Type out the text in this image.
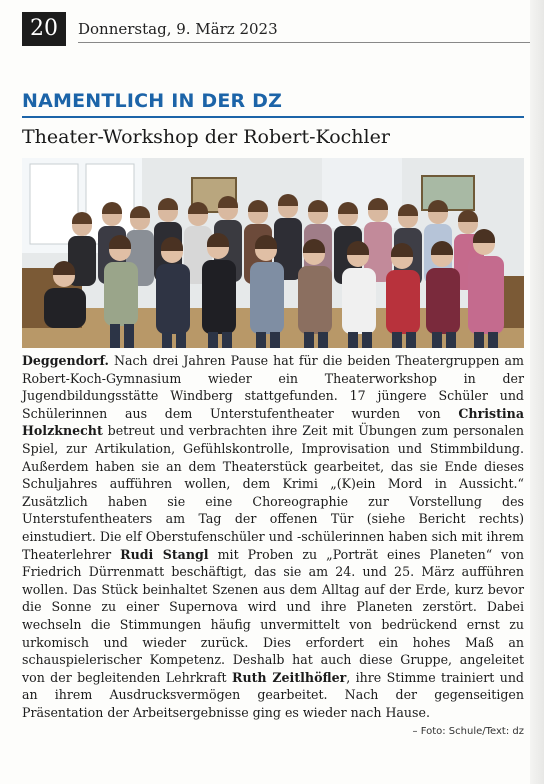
20	Donnerstag, 9. März 2023
NAMENTLICH IN DER DZ
Theater-Workshop der Robert-Kochler
Deggendorf. Nach drei Jahren Pause hat für die beiden Theatergruppen am Robert-Koch-Gymnasium wieder ein Theaterworkshop in der Jugendbildungsstätte Windberg stattgefunden. 17 jüngere Schüler und Schülerinnen aus dem Unterstufentheater wurden von Christina Holzknecht betreut und verbrachten ihre Zeit mit Übungen zum personalen Spiel, zur Artikulation, Gefühlskontrolle, Improvisation und Stimmbildung. Außerdem haben sie an dem Theaterstück gearbeitet, das sie Ende dieses Schuljahres aufführen wollen, dem Krimi „(K)ein Mord in Aussicht.“ Zusätzlich haben sie eine Choreographie zur Vorstellung des Unterstufentheaters am Tag der offenen Tür (siehe Bericht rechts) einstudiert. Die elf Oberstufenschüler und -schülerinnen haben sich mit ihrem Theaterlehrer Rudi Stangl mit Proben zu „Porträt eines Planeten“ von Friedrich Dürrenmatt beschäftigt, das sie am 24. und 25. März aufführen wollen. Das Stück beinhaltet Szenen aus dem Alltag auf der Erde, kurz bevor die Sonne zu einer Supernova wird und ihre Planeten zerstört. Dabei wechseln die Stimmungen häufig unvermittelt von bedrückend ernst zu urkomisch und wieder zurück. Dies erfordert ein hohes Maß an schauspielerischer Kompetenz. Deshalb hat auch diese Gruppe, angeleitet von der begleitenden Lehrkraft Ruth Zeitlhöfler, ihre Stimme trainiert und an ihrem Ausdrucksvermögen gearbeitet. Nach der gegenseitigen Präsentation der Arbeitsergebnisse ging es wieder nach Hause.
– Foto: Schule/Text: dz
